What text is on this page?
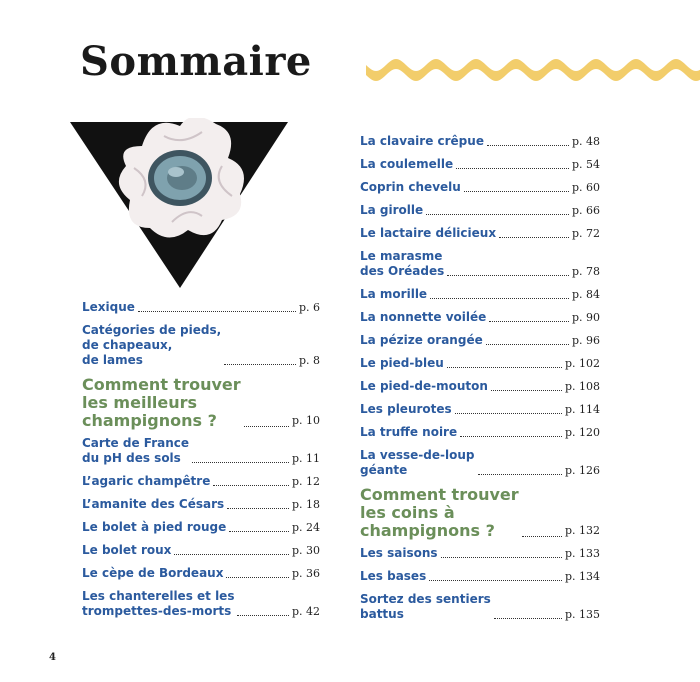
Sommaire
Lexique	p. 6
Catégories de pieds,
de chapeaux,
de lames	p. 8
Comment trouver
les meilleurs
champignons ?	p. 10
Carte de France
du pH des sols	p. 11
L’agaric champêtre	p. 12
L’amanite des Césars	p. 18
Le bolet à pied rouge	p. 24
Le bolet roux	p. 30
Le cèpe de Bordeaux	p. 36
Les chanterelles et les
trompettes-des-morts	p. 42
La clavaire crêpue	p. 48
La coulemelle	p. 54
Coprin chevelu	p. 60
La girolle	p. 66
Le lactaire délicieux	p. 72
Le marasme
des Oréades	p. 78
La morille	p. 84
La nonnette voilée	p. 90
La pézize orangée	p. 96
Le pied-bleu	p. 102
Le pied-de-mouton	p. 108
Les pleurotes	p. 114
La truffe noire	p. 120
La vesse-de-loup
géante	p. 126
Comment trouver
les coins à
champignons ?	p. 132
Les saisons	p. 133
Les bases	p. 134
Sortez des sentiers
battus	p. 135
4
